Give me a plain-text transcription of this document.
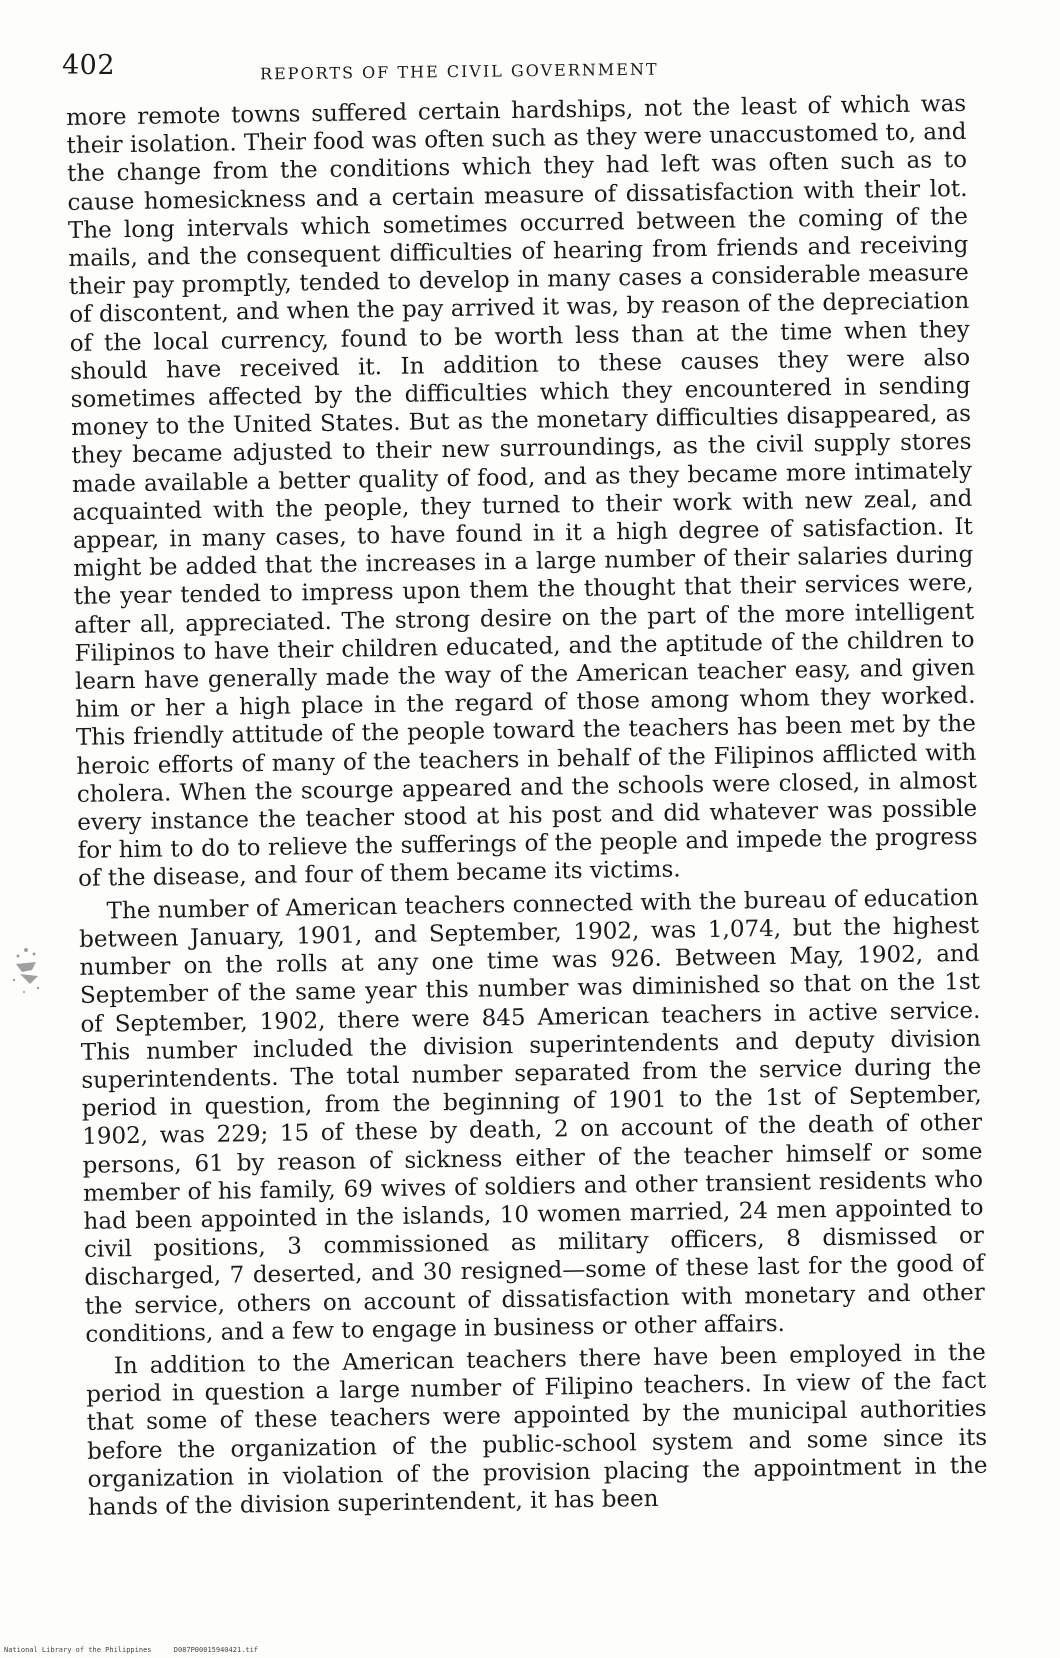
402	REPORTS OF THE CIVIL GOVERNMENT

more remote towns suffered certain hardships, not the least of which was their isolation. Their food was often such as they were unaccustomed to, and the change from the conditions which they had left was often such as to cause homesickness and a certain measure of dissatisfaction with their lot. The long intervals which sometimes occurred between the coming of the mails, and the consequent difficulties of hearing from friends and receiving their pay promptly, tended to develop in many cases a considerable measure of discontent, and when the pay arrived it was, by reason of the depreciation of the local currency, found to be worth less than at the time when they should have received it. In addition to these causes they were also sometimes affected by the difficulties which they encountered in sending money to the United States. But as the monetary difficulties disappeared, as they became adjusted to their new surroundings, as the civil supply stores made available a better quality of food, and as they became more intimately acquainted with the people, they turned to their work with new zeal, and appear, in many cases, to have found in it a high degree of satisfaction. It might be added that the increases in a large number of their salaries during the year tended to impress upon them the thought that their services were, after all, appreciated. The strong desire on the part of the more intelligent Filipinos to have their children educated, and the aptitude of the children to learn have generally made the way of the American teacher easy, and given him or her a high place in the regard of those among whom they worked. This friendly attitude of the people toward the teachers has been met by the heroic efforts of many of the teachers in behalf of the Filipinos afflicted with cholera. When the scourge appeared and the schools were closed, in almost every instance the teacher stood at his post and did whatever was possible for him to do to relieve the sufferings of the people and impede the progress of the disease, and four of them became its victims.

The number of American teachers connected with the bureau of education between January, 1901, and September, 1902, was 1,074, but the highest number on the rolls at any one time was 926. Between May, 1902, and September of the same year this number was diminished so that on the 1st of September, 1902, there were 845 American teachers in active service. This number included the division superintendents and deputy division superintendents. The total number separated from the service during the period in question, from the beginning of 1901 to the 1st of September, 1902, was 229; 15 of these by death, 2 on account of the death of other persons, 61 by reason of sickness either of the teacher himself or some member of his family, 69 wives of soldiers and other transient residents who had been appointed in the islands, 10 women married, 24 men appointed to civil positions, 3 commissioned as military officers, 8 dismissed or discharged, 7 deserted, and 30 resigned—some of these last for the good of the service, others on account of dissatisfaction with monetary and other conditions, and a few to engage in business or other affairs.

In addition to the American teachers there have been employed in the period in question a large number of Filipino teachers. In view of the fact that some of these teachers were appointed by the municipal authorities before the organization of the public-school system and some since its organization in violation of the provision placing the appointment in the hands of the division superintendent, it has been

National Library of the Philippines	D087P00015940421.tif
